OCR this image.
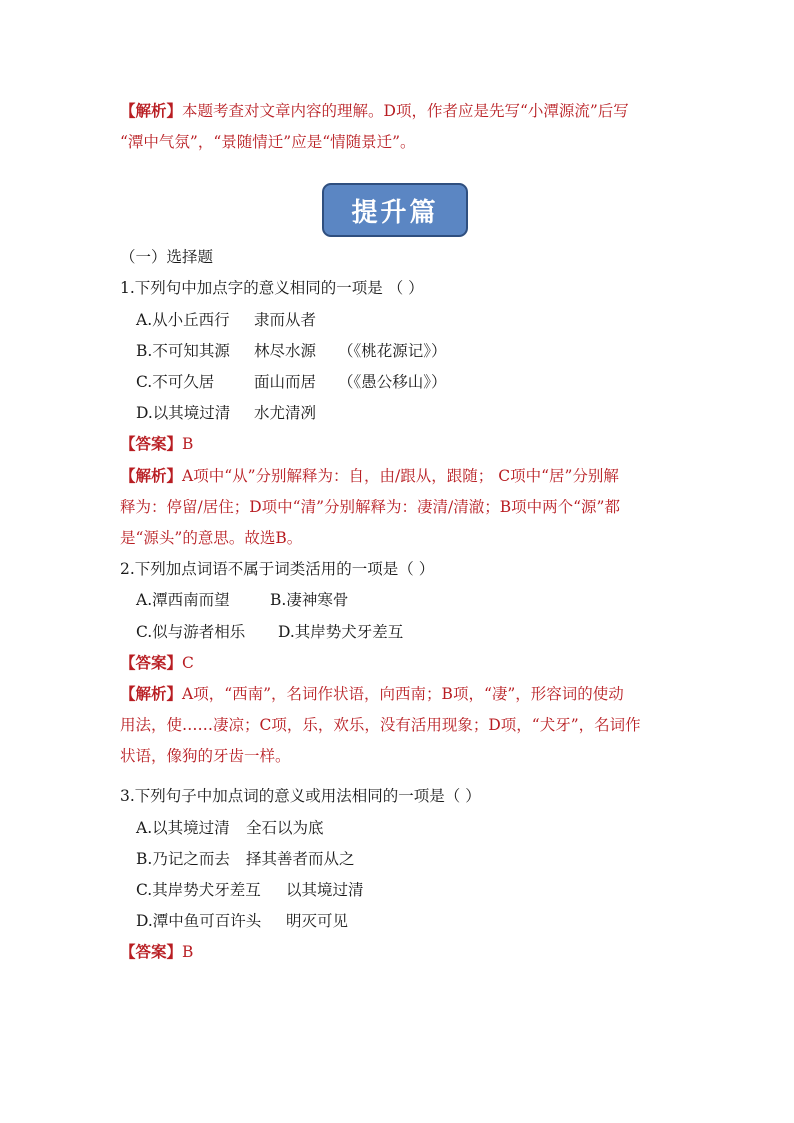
【解析】本题考查对文章内容的理解。D项，作者应是先写“小潭源流”后写
“潭中气氛”，“景随情迁”应是“情随景迁”。
提升篇
（一）选择题
1.下列句中加点字的意义相同的一项是 （ ）
A.从小丘西行 隶而从者
B.不可知其源 林尽水源 （《桃花源记》）
C.不可久居	面山而居 （《愚公移山》）
D.以其境过清 水尤清冽
【答案】B
【解析】A项中“从”分别解释为：自，由/跟从，跟随； C项中“居”分别解
释为：停留/居住；D项中“清”分别解释为：凄清/清澈；B项中两个“源”都
是“源头”的意思。故选B。
2.下列加点词语不属于词类活用的一项是（ ）
A.潭西南而望	B.凄神寒骨
C.似与游者相乐 D.其岸势犬牙差互
【答案】C
【解析】A项，“西南”，名词作状语，向西南；B项，“凄”，形容词的使动
用法，使……凄凉；C项，乐，欢乐，没有活用现象；D项，“犬牙”，名词作
状语，像狗的牙齿一样。
3.下列句子中加点词的意义或用法相同的一项是（ ）
A.以其境过清 全石以为底
B.乃记之而去 择其善者而从之
C.其岸势犬牙差互 以其境过清
D.潭中鱼可百许头 明灭可见
【答案】B
